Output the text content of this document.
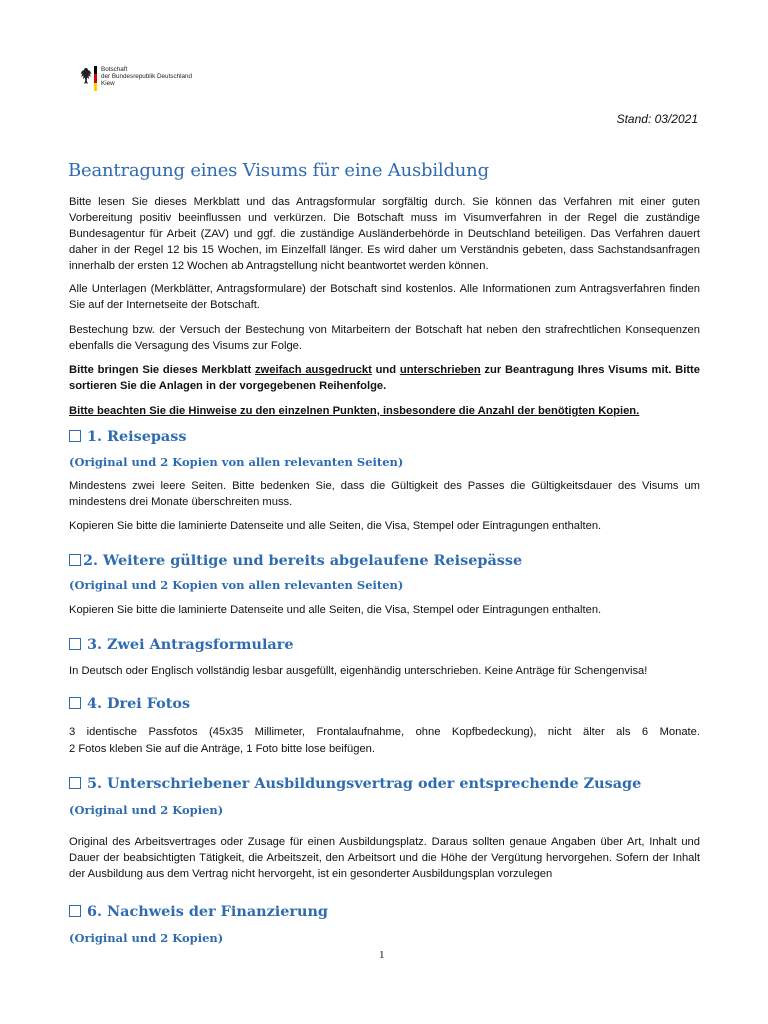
Botschaft
der Bundesrepublik Deutschland
Kiew
Stand: 03/2021
Beantragung eines Visums für eine Ausbildung
Bitte lesen Sie dieses Merkblatt und das Antragsformular sorgfältig durch. Sie können das Verfahren mit einer guten Vorbereitung positiv beeinflussen und verkürzen. Die Botschaft muss im Visumverfahren in der Regel die zuständige Bundesagentur für Arbeit (ZAV) und ggf. die zuständige Ausländerbehörde in Deutschland beteiligen. Das Verfahren dauert daher in der Regel 12 bis 15 Wochen, im Einzelfall länger. Es wird daher um Verständnis gebeten, dass Sachstandsanfragen innerhalb der ersten 12 Wochen ab Antragstellung nicht beantwortet werden können.
Alle Unterlagen (Merkblätter, Antragsformulare) der Botschaft sind kostenlos. Alle Informationen zum Antragsverfahren finden Sie auf der Internetseite der Botschaft.
Bestechung bzw. der Versuch der Bestechung von Mitarbeitern der Botschaft hat neben den strafrechtlichen Konsequenzen ebenfalls die Versagung des Visums zur Folge.
Bitte bringen Sie dieses Merkblatt zweifach ausgedruckt und unterschrieben zur Beantragung Ihres Visums mit. Bitte sortieren Sie die Anlagen in der vorgegebenen Reihenfolge.
Bitte beachten Sie die Hinweise zu den einzelnen Punkten, insbesondere die Anzahl der benötigten Kopien.
1. Reisepass
(Original und 2 Kopien von allen relevanten Seiten)
Mindestens zwei leere Seiten. Bitte bedenken Sie, dass die Gültigkeit des Passes die Gültigkeitsdauer des Visums um mindestens drei Monate überschreiten muss.
Kopieren Sie bitte die laminierte Datenseite und alle Seiten, die Visa, Stempel oder Eintragungen enthalten.
2. Weitere gültige und bereits abgelaufene Reisepässe
(Original und 2 Kopien von allen relevanten Seiten)
Kopieren Sie bitte die laminierte Datenseite und alle Seiten, die Visa, Stempel oder Eintragungen enthalten.
3. Zwei Antragsformulare
In Deutsch oder Englisch vollständig lesbar ausgefüllt, eigenhändig unterschrieben. Keine Anträge für Schengenvisa!
4. Drei Fotos
3 identische Passfotos (45x35 Millimeter, Frontalaufnahme, ohne Kopfbedeckung), nicht älter als 6 Monate.
2 Fotos kleben Sie auf die Anträge, 1 Foto bitte lose beifügen.
5. Unterschriebener Ausbildungsvertrag oder entsprechende Zusage
(Original und 2 Kopien)
Original des Arbeitsvertrages oder Zusage für einen Ausbildungsplatz. Daraus sollten genaue Angaben über Art, Inhalt und Dauer der beabsichtigten Tätigkeit, die Arbeitszeit, den Arbeitsort und die Höhe der Vergütung hervorgehen. Sofern der Inhalt der Ausbildung aus dem Vertrag nicht hervorgeht, ist ein gesonderter Ausbildungsplan vorzulegen
6. Nachweis der Finanzierung
(Original und 2 Kopien)
1
